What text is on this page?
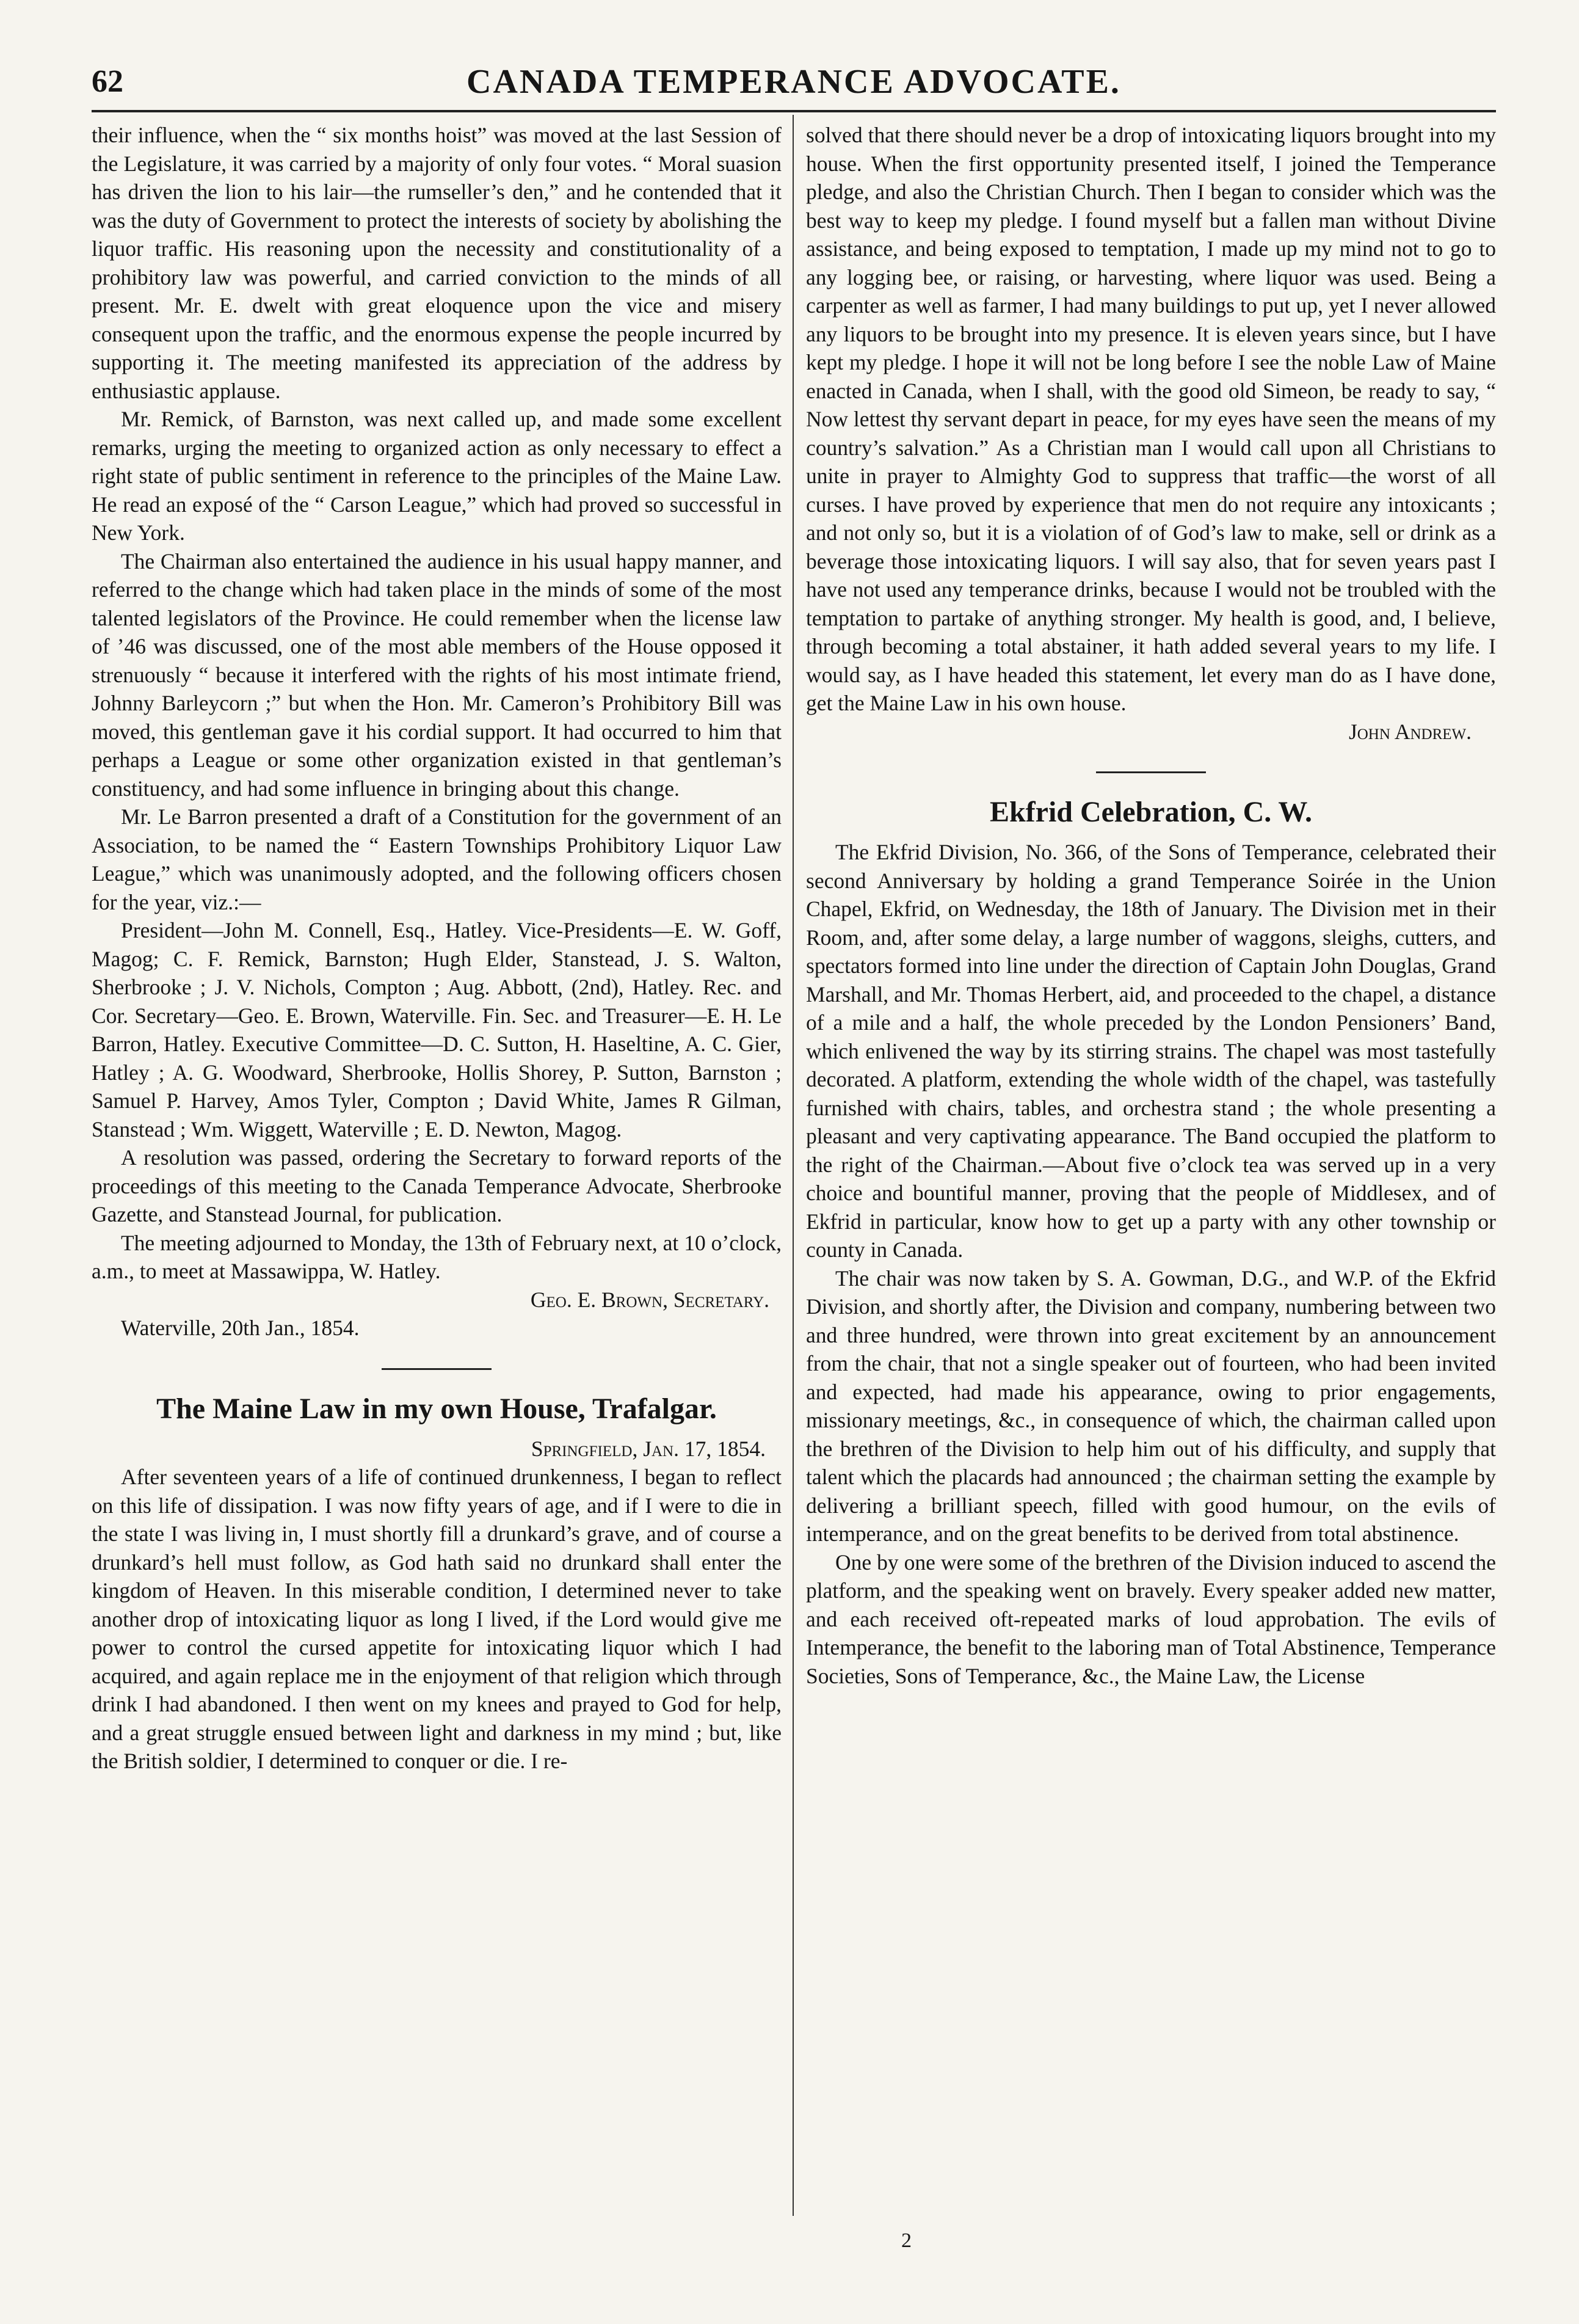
62	CANADA TEMPERANCE ADVOCATE.

their influence, when the “ six months hoist” was moved at the last Session of the Legislature, it was carried by a majority of only four votes. “ Moral suasion has driven the lion to his lair—the rumseller’s den,” and he contended that it was the duty of Government to protect the interests of society by abolishing the liquor traffic. His reasoning upon the necessity and constitutionality of a prohibitory law was powerful, and carried conviction to the minds of all present. Mr. E. dwelt with great eloquence upon the vice and misery consequent upon the traffic, and the enormous expense the people incurred by supporting it. The meeting manifested its appreciation of the address by enthusiastic applause.

Mr. Remick, of Barnston, was next called up, and made some excellent remarks, urging the meeting to organized action as only necessary to effect a right state of public sentiment in reference to the principles of the Maine Law. He read an exposé of the “ Carson League,” which had proved so successful in New York.

The Chairman also entertained the audience in his usual happy manner, and referred to the change which had taken place in the minds of some of the most talented legislators of the Province. He could remember when the license law of ’46 was discussed, one of the most able members of the House opposed it strenuously “ because it interfered with the rights of his most intimate friend, Johnny Barleycorn ;” but when the Hon. Mr. Cameron’s Prohibitory Bill was moved, this gentleman gave it his cordial support. It had occurred to him that perhaps a League or some other organization existed in that gentleman’s constituency, and had some influence in bringing about this change.

Mr. Le Barron presented a draft of a Constitution for the government of an Association, to be named the “ Eastern Townships Prohibitory Liquor Law League,” which was unanimously adopted, and the following officers chosen for the year, viz.:—

President—John M. Connell, Esq., Hatley. Vice-Presidents—E. W. Goff, Magog; C. F. Remick, Barnston; Hugh Elder, Stanstead, J. S. Walton, Sherbrooke ; J. V. Nichols, Compton ; Aug. Abbott, (2nd), Hatley. Rec. and Cor. Secretary—Geo. E. Brown, Waterville. Fin. Sec. and Treasurer—E. H. Le Barron, Hatley. Executive Committee—D. C. Sutton, H. Haseltine, A. C. Gier, Hatley ; A. G. Woodward, Sherbrooke, Hollis Shorey, P. Sutton, Barnston ; Samuel P. Harvey, Amos Tyler, Compton ; David White, James R Gilman, Stanstead ; Wm. Wiggett, Waterville ; E. D. Newton, Magog.

A resolution was passed, ordering the Secretary to forward reports of the proceedings of this meeting to the Canada Temperance Advocate, Sherbrooke Gazette, and Stanstead Journal, for publication.

The meeting adjourned to Monday, the 13th of February next, at 10 o’clock, a.m., to meet at Massawippa, W. Hatley.

Geo. E. Brown, Secretary.

Waterville, 20th Jan., 1854.

The Maine Law in my own House, Trafalgar.

Springfield, Jan. 17, 1854.

After seventeen years of a life of continued drunkenness, I began to reflect on this life of dissipation. I was now fifty years of age, and if I were to die in the state I was living in, I must shortly fill a drunkard’s grave, and of course a drunkard’s hell must follow, as God hath said no drunkard shall enter the kingdom of Heaven. In this miserable condition, I determined never to take another drop of intoxicating liquor as long I lived, if the Lord would give me power to control the cursed appetite for intoxicating liquor which I had acquired, and again replace me in the enjoyment of that religion which through drink I had abandoned. I then went on my knees and prayed to God for help, and a great struggle ensued between light and darkness in my mind ; but, like the British soldier, I determined to conquer or die. I re-

solved that there should never be a drop of intoxicating liquors brought into my house. When the first opportunity presented itself, I joined the Temperance pledge, and also the Christian Church. Then I began to consider which was the best way to keep my pledge. I found myself but a fallen man without Divine assistance, and being exposed to temptation, I made up my mind not to go to any logging bee, or raising, or harvesting, where liquor was used. Being a carpenter as well as farmer, I had many buildings to put up, yet I never allowed any liquors to be brought into my presence. It is eleven years since, but I have kept my pledge. I hope it will not be long before I see the noble Law of Maine enacted in Canada, when I shall, with the good old Simeon, be ready to say, “ Now lettest thy servant depart in peace, for my eyes have seen the means of my country’s salvation.” As a Christian man I would call upon all Christians to unite in prayer to Almighty God to suppress that traffic—the worst of all curses. I have proved by experience that men do not require any intoxicants ; and not only so, but it is a violation of of God’s law to make, sell or drink as a beverage those intoxicating liquors. I will say also, that for seven years past I have not used any temperance drinks, because I would not be troubled with the temptation to partake of anything stronger. My health is good, and, I believe, through becoming a total abstainer, it hath added several years to my life. I would say, as I have headed this statement, let every man do as I have done, get the Maine Law in his own house.

John Andrew.

Ekfrid Celebration, C. W.

The Ekfrid Division, No. 366, of the Sons of Temperance, celebrated their second Anniversary by holding a grand Temperance Soirée in the Union Chapel, Ekfrid, on Wednesday, the 18th of January. The Division met in their Room, and, after some delay, a large number of waggons, sleighs, cutters, and spectators formed into line under the direction of Captain John Douglas, Grand Marshall, and Mr. Thomas Herbert, aid, and proceeded to the chapel, a distance of a mile and a half, the whole preceded by the London Pensioners’ Band, which enlivened the way by its stirring strains. The chapel was most tastefully decorated. A platform, extending the whole width of the chapel, was tastefully furnished with chairs, tables, and orchestra stand ; the whole presenting a pleasant and very captivating appearance. The Band occupied the platform to the right of the Chairman.—About five o’clock tea was served up in a very choice and bountiful manner, proving that the people of Middlesex, and of Ekfrid in particular, know how to get up a party with any other township or county in Canada.

The chair was now taken by S. A. Gowman, D.G., and W.P. of the Ekfrid Division, and shortly after, the Division and company, numbering between two and three hundred, were thrown into great excitement by an announcement from the chair, that not a single speaker out of fourteen, who had been invited and expected, had made his appearance, owing to prior engagements, missionary meetings, &c., in consequence of which, the chairman called upon the brethren of the Division to help him out of his difficulty, and supply that talent which the placards had announced ; the chairman setting the example by delivering a brilliant speech, filled with good humour, on the evils of intemperance, and on the great benefits to be derived from total abstinence.

One by one were some of the brethren of the Division induced to ascend the platform, and the speaking went on bravely. Every speaker added new matter, and each received oft-repeated marks of loud approbation. The evils of Intemperance, the benefit to the laboring man of Total Abstinence, Temperance Societies, Sons of Temperance, &c., the Maine Law, the License

2
